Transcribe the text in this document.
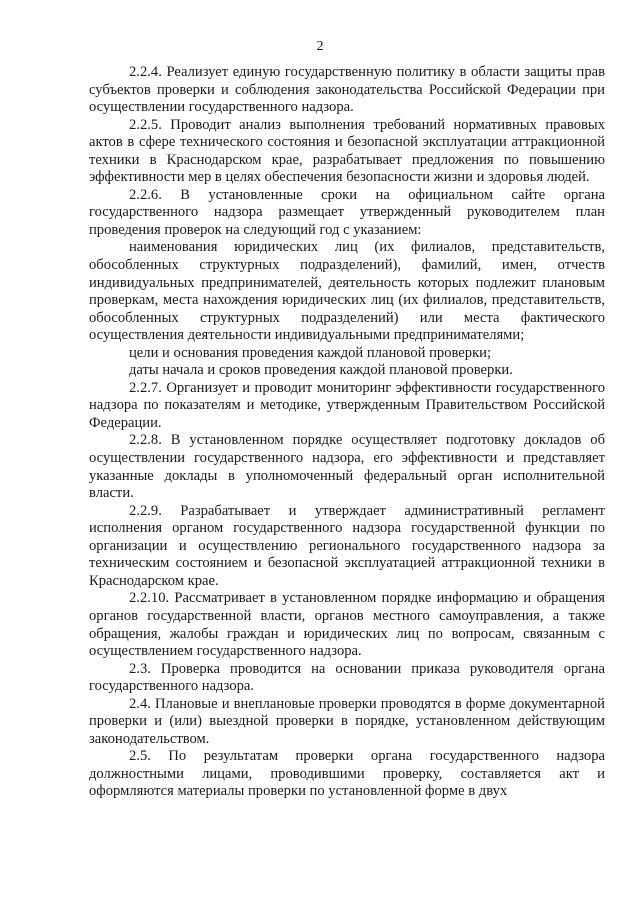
2

2.2.4. Реализует единую государственную политику в области защиты прав субъектов проверки и соблюдения законодательства Российской Федерации при осуществлении государственного надзора.

2.2.5. Проводит анализ выполнения требований нормативных правовых актов в сфере технического состояния и безопасной эксплуатации аттракционной техники в Краснодарском крае, разрабатывает предложения по повышению эффективности мер в целях обеспечения безопасности жизни и здоровья людей.

2.2.6. В установленные сроки на официальном сайте органа государственного надзора размещает утвержденный руководителем план проведения проверок на следующий год с указанием:

наименования юридических лиц (их филиалов, представительств, обособленных структурных подразделений), фамилий, имен, отчеств индивидуальных предпринимателей, деятельность которых подлежит плановым проверкам, места нахождения юридических лиц (их филиалов, представительств, обособленных структурных подразделений) или места фактического осуществления деятельности индивидуальными предпринимателями;

цели и основания проведения каждой плановой проверки;

даты начала и сроков проведения каждой плановой проверки.

2.2.7. Организует и проводит мониторинг эффективности государственного надзора по показателям и методике, утвержденным Правительством Российской Федерации.

2.2.8. В установленном порядке осуществляет подготовку докладов об осуществлении государственного надзора, его эффективности и представляет указанные доклады в уполномоченный федеральный орган исполнительной власти.

2.2.9. Разрабатывает и утверждает административный регламент исполнения органом государственного надзора государственной функции по организации и осуществлению регионального государственного надзора за техническим состоянием и безопасной эксплуатацией аттракционной техники в Краснодарском крае.

2.2.10. Рассматривает в установленном порядке информацию и обращения органов государственной власти, органов местного самоуправления, а также обращения, жалобы граждан и юридических лиц по вопросам, связанным с осуществлением государственного надзора.

2.3. Проверка проводится на основании приказа руководителя органа государственного надзора.

2.4. Плановые и внеплановые проверки проводятся в форме документарной проверки и (или) выездной проверки в порядке, установленном действующим законодательством.

2.5. По результатам проверки органа государственного надзора должностными лицами, проводившими проверку, составляется акт и оформляются материалы проверки по установленной форме в двух
